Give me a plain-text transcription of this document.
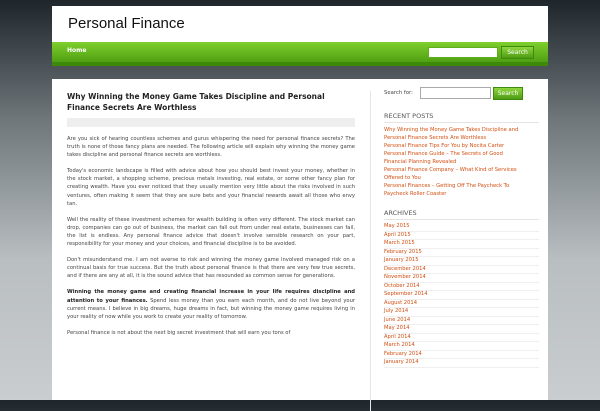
Personal Finance
Home	Search
Why Winning the Money Game Takes Discipline and Personal Finance Secrets Are Worthless

Are you sick of hearing countless schemes and gurus whispering the need for personal finance secrets? The truth is none of those fancy plans are needed. The following article will explain why winning the money game takes discipline and personal finance secrets are worthless.

Today's economic landscape is filled with advice about how you should best invest your money, whether in the stock market, a shopping scheme, precious metals investing, real estate, or some other fancy plan for creating wealth. Have you ever noticed that they usually mention very little about the risks involved in such ventures, often making it seem that they are sure bets and your financial rewards await all those who envy tan.

Well the reality of these investment schemes for wealth building is often very different. The stock market can drop, companies can go out of business, the market can fall out from under real estate, businesses can fail, the list is endless. Any personal finance advice that doesn't involve sensible research on your part, responsibility for your money and your choices, and financial discipline is to be avoided.

Don't misunderstand me. I am not averse to risk and winning the money game involved managed risk on a continual basis for true success. But the truth about personal finance is that there are very few true secrets, and if there are any at all, it is the sound advice that has resounded as common sense for generations.

Winning the money game and creating financial increase in your life requires discipline and attention to your finances. Spend less money than you earn each month, and do not live beyond your current means. I believe in big dreams, huge dreams in fact, but winning the money game requires living in your reality of now while you work to create your reality of tomorrow.

Personal finance is not about the next big secret investment that will earn you tons of

Search for:	Search
RECENT POSTS
Why Winning the Money Game Takes Discipline and
Personal Finance Secrets Are Worthless
Personal Finance Tips For You by Nocita Carter
Personal Finance Guide – The Secrets of Good
Financial Planning Revealed
Personal Finance Company – What Kind of Services
Offered to You
Personal Finances – Getting Off The Paycheck To
Paycheck Roller Coaster
ARCHIVES
May 2015
April 2015
March 2015
February 2015
January 2015
December 2014
November 2014
October 2014
September 2014
August 2014
July 2014
June 2014
May 2014
April 2014
March 2014
February 2014
January 2014
